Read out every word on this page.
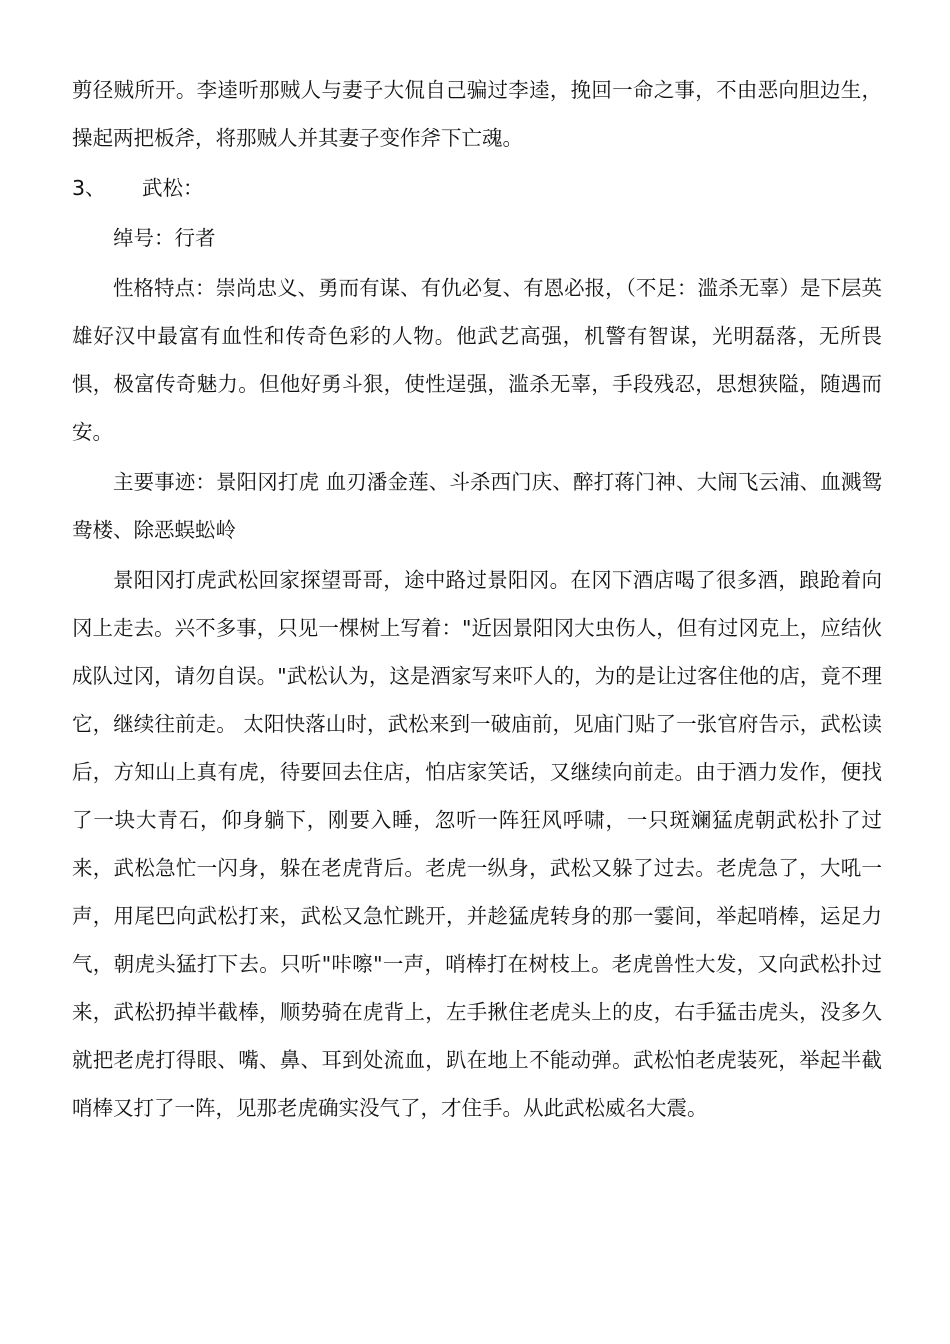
剪径贼所开。李逵听那贼人与妻子大侃自己骗过李逵，挽回一命之事，不由恶向胆边生，操起两把板斧，将那贼人并其妻子变作斧下亡魂。

3、 武松：

绰号：行者

性格特点：崇尚忠义、勇而有谋、有仇必复、有恩必报，（不足：滥杀无辜）是下层英雄好汉中最富有血性和传奇色彩的人物。他武艺高强，机警有智谋，光明磊落，无所畏惧，极富传奇魅力。但他好勇斗狠，使性逞强，滥杀无辜，手段残忍，思想狭隘，随遇而安。

主要事迹：景阳冈打虎 血刃潘金莲、斗杀西门庆、醉打蒋门神、大闹飞云浦、血溅鸳鸯楼、除恶蜈蚣岭

景阳冈打虎武松回家探望哥哥，途中路过景阳冈。在冈下酒店喝了很多酒，踉跄着向冈上走去。兴不多事，只见一棵树上写着："近因景阳冈大虫伤人，但有过冈克上，应结伙成队过冈，请勿自误。"武松认为，这是酒家写来吓人的，为的是让过客住他的店，竟不理它，继续往前走。 太阳快落山时，武松来到一破庙前，见庙门贴了一张官府告示，武松读后，方知山上真有虎，待要回去住店，怕店家笑话，又继续向前走。由于酒力发作，便找了一块大青石，仰身躺下，刚要入睡，忽听一阵狂风呼啸，一只斑斓猛虎朝武松扑了过来，武松急忙一闪身，躲在老虎背后。老虎一纵身，武松又躲了过去。老虎急了，大吼一声，用尾巴向武松打来，武松又急忙跳开，并趁猛虎转身的那一霎间，举起哨棒，运足力气，朝虎头猛打下去。只听"咔嚓"一声，哨棒打在树枝上。老虎兽性大发，又向武松扑过来，武松扔掉半截棒，顺势骑在虎背上，左手揪住老虎头上的皮，右手猛击虎头，没多久就把老虎打得眼、嘴、鼻、耳到处流血，趴在地上不能动弹。武松怕老虎装死，举起半截哨棒又打了一阵，见那老虎确实没气了，才住手。从此武松威名大震。
